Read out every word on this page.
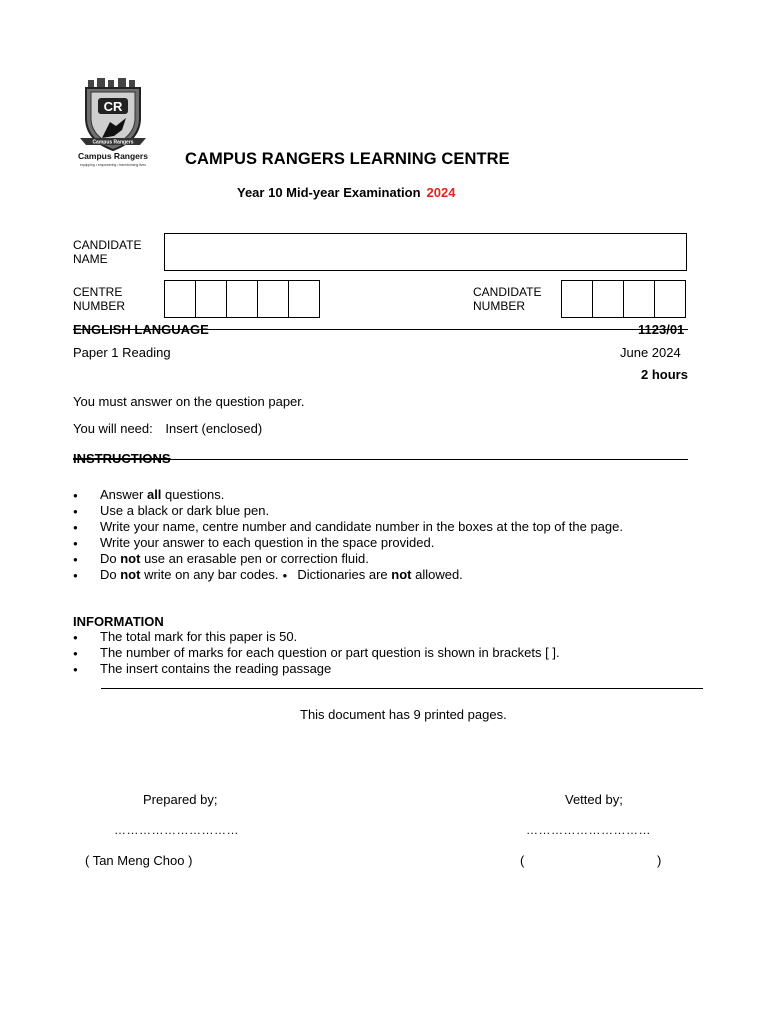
CR
Campus Rangers
Campus Rangers
equipping • empowering • transforming lives CAMPUS RANGERS LEARNING CENTRE
Year 10 Mid-year Examination 2024
CANDIDATE
NAME
CENTRE
NUMBER
CANDIDATE
NUMBER
ENGLISH LANGUAGE	1123/01
Paper 1 Reading	June 2024
2 hours
You must answer on the question paper.
You will need: Insert (enclosed)
INSTRUCTIONS
● Answer all questions.
● Use a black or dark blue pen.
● Write your name, centre number and candidate number in the boxes at the top of the page.
● Write your answer to each question in the space provided.
● Do not use an erasable pen or correction fluid.
● Do not write on any bar codes. ● Dictionaries are not allowed.
INFORMATION
● The total mark for this paper is 50.
● The number of marks for each question or part question is shown in brackets [ ].
● The insert contains the reading passage
This document has 9 printed pages.
Prepared by;	Vetted by;
…………………………	…………………………
( Tan Meng Choo )	(	)
